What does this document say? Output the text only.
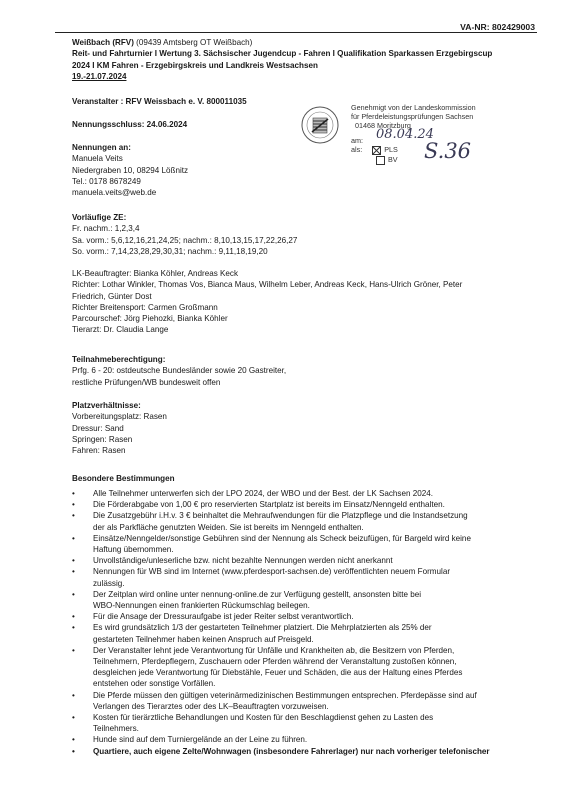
VA-NR: 802429003
Weißbach (RFV) (09439 Amtsberg OT Weißbach)
Reit- und Fahrturnier I Wertung 3. Sächsischer Jugendcup - Fahren I Qualifikation Sparkassen Erzgebirgscup
2024 I KM Fahren - Erzgebirgskreis und Landkreis Westsachsen
19.-21.07.2024
Veranstalter : RFV Weissbach e. V. 800011035
Nennungsschluss: 24.06.2024
Nennungen an:
Manuela Veits
Niedergraben 10, 08294 Lößnitz
Tel.: 0178 8678249
manuela.veits@web.de
Genehmigt von der Landeskommission
für Pferdeleistungsprüfungen Sachsen
01468 Moritzburg
am: 08.04.24
als:	PLS
BV S.36
Vorläufige ZE:
Fr. nachm.: 1,2,3,4
Sa. vorm.: 5,6,12,16,21,24,25; nachm.: 8,10,13,15,17,22,26,27
So. vorm.: 7,14,23,28,29,30,31; nachm.: 9,11,18,19,20
LK-Beauftragter: Bianka Köhler, Andreas Keck
Richter: Lothar Winkler, Thomas Vos, Bianca Maus, Wilhelm Leber, Andreas Keck, Hans-Ulrich Gröner, Peter
Friedrich, Günter Dost
Richter Breitensport: Carmen Großmann
Parcourschef: Jörg Piehozki, Bianka Köhler
Tierarzt: Dr. Claudia Lange
Teilnahmeberechtigung:
Prfg. 6 - 20: ostdeutsche Bundesländer sowie 20 Gastreiter,
restliche Prüfungen/WB bundesweit offen
Platzverhältnisse:
Vorbereitungsplatz: Rasen
Dressur: Sand
Springen: Rasen
Fahren: Rasen
Besondere Bestimmungen
• Alle Teilnehmer unterwerfen sich der LPO 2024, der WBO und der Best. der LK Sachsen 2024.
• Die Förderabgabe von 1,00 € pro reservierten Startplatz ist bereits im Einsatz/Nenngeld enthalten.
• Die Zusatzgebühr i.H.v. 3 € beinhaltet die Mehraufwendungen für die Platzpflege und die Instandsetzung
der als Parkfläche genutzten Weiden. Sie ist bereits im Nenngeld enthalten.
• Einsätze/Nenngelder/sonstige Gebühren sind der Nennung als Scheck beizufügen, für Bargeld wird keine
Haftung übernommen.
• Unvollständige/unleserliche bzw. nicht bezahlte Nennungen werden nicht anerkannt
• Nennungen für WB sind im Internet (www.pferdesport-sachsen.de) veröffentlichten neuem Formular
zulässig.
• Der Zeitplan wird online unter nennung-online.de zur Verfügung gestellt, ansonsten bitte bei
WBO-Nennungen einen frankierten Rückumschlag beilegen.
• Für die Ansage der Dressuraufgabe ist jeder Reiter selbst verantwortlich.
• Es wird grundsätzlich 1/3 der gestarteten Teilnehmer platziert. Die Mehrplatzierten als 25% der
gestarteten Teilnehmer haben keinen Anspruch auf Preisgeld.
• Der Veranstalter lehnt jede Verantwortung für Unfälle und Krankheiten ab, die Besitzern von Pferden,
Teilnehmern, Pferdepflegern, Zuschauern oder Pferden während der Veranstaltung zustoßen können,
desgleichen jede Verantwortung für Diebstähle, Feuer und Schäden, die aus der Haltung eines Pferdes
entstehen oder sonstige Vorfällen.
• Die Pferde müssen den gültigen veterinärmedizinischen Bestimmungen entsprechen. Pferdepässe sind auf
Verlangen des Tierarztes oder des LK–Beauftragten vorzuweisen.
• Kosten für tierärztliche Behandlungen und Kosten für den Beschlagdienst gehen zu Lasten des
Teilnehmers.
• Hunde sind auf dem Turniergelände an der Leine zu führen.
• Quartiere, auch eigene Zelte/Wohnwagen (insbesondere Fahrerlager) nur nach vorheriger telefonischer
